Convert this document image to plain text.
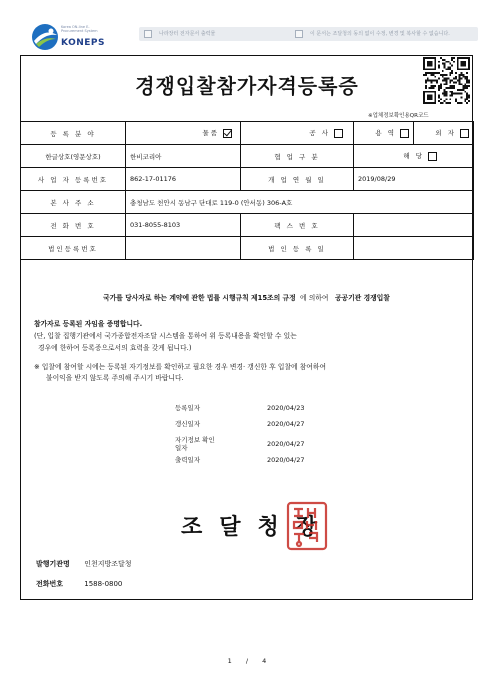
Korea ON-line E-Procurement System
KONEPS
나라장터 전자문서 출력물	이 문서는 조달청의 동의 없이 수정, 변경 및 복사할 수 없습니다.
경쟁입찰참가자격등록증
※업체정보확인용QR코드
등 록 분 야	물품	공 사	용 역	외 자
한글상호(영문상호)	한비코리아	협 업 구 분	해 당	
사 업 자 등록번호	862-17-01176	개 업 연 월 일	2019/08/29	
본 사 주 소	충청남도 천안시 동남구 단대로 119-0 (안서동) 306-A호			
전 화 번 호	031-8055-8103	팩 스 번 호		
법인등록번호		법 인 등 록 일		
국가를 당사자로 하는 계약에 관한 법률 시행규칙 제15조의 규정 에 의하여 공공기관 경쟁입찰
참가자로 등록된 자임을 증명합니다.
(단, 입찰 집행기관에서 국가종합전자조달 시스템을 통하여 위 등록내용을 확인할 수 있는
경우에 한하여 등록증으로서의 효력을 갖게 됩니다.)
※ 입찰에 참여할 시에는 등록된 자기정보를 확인하고 필요한 경우 변경· 갱신한 후 입찰에 참여하여
불이익을 받지 않도록 주의해 주시기 바랍니다.
등록일자	2020/04/23
갱신일자	2020/04/27
자기정보 확인일자	2020/04/27
출력일자	2020/04/27
조달청장
발행기관명 인천지방조달청
전화번호	1588-0800
1 / 4
